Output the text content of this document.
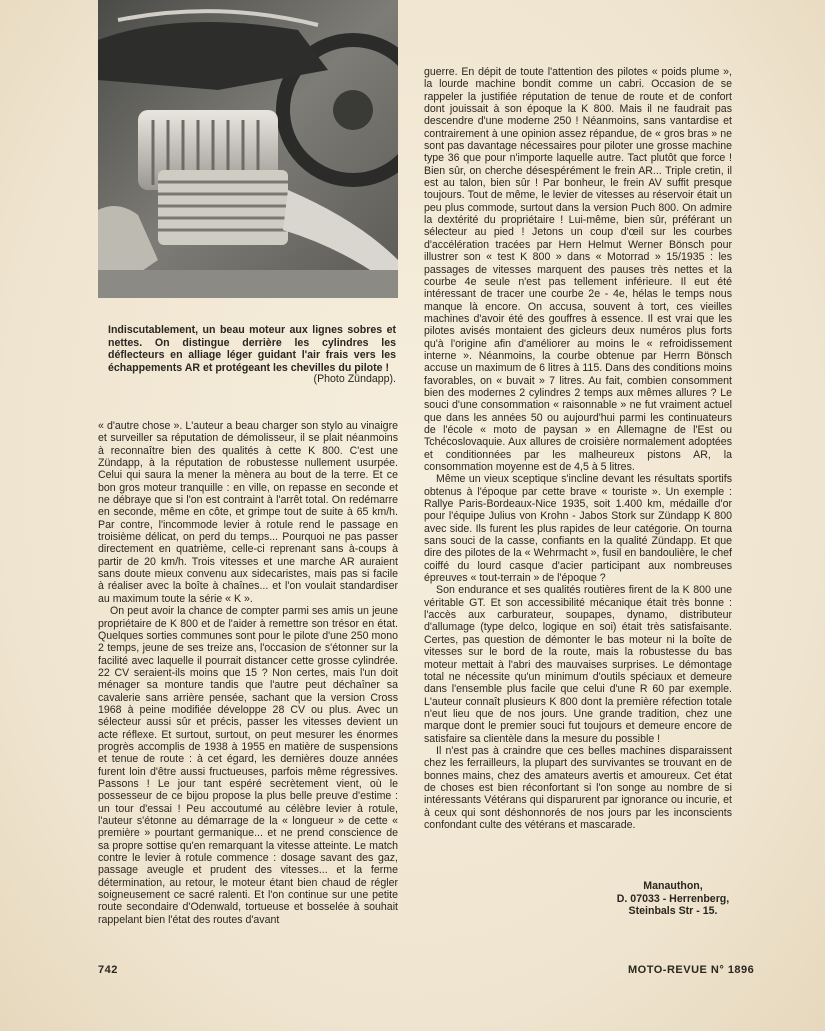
Indiscutablement, un beau moteur aux lignes sobres et nettes. On distingue derrière les cylindres les déflecteurs en alliage léger guidant l'air frais vers les échappements AR et protégeant les chevilles du pilote !
(Photo Zündapp).

« d'autre chose ». L'auteur a beau charger son stylo au vinaigre et surveiller sa réputation de démolisseur, il se plait néanmoins à reconnaître bien des qualités à cette K 800. C'est une Zündapp, à la réputation de robustesse nullement usurpée. Celui qui saura la mener la mènera au bout de la terre. Et ce bon gros moteur tranquille : en ville, on repasse en seconde et ne débraye que si l'on est contraint à l'arrêt total. On redémarre en seconde, même en côte, et grimpe tout de suite à 65 km/h. Par contre, l'incommode levier à rotule rend le passage en troisième délicat, on perd du temps... Pourquoi ne pas passer directement en quatrième, celle-ci reprenant sans à-coups à partir de 20 km/h. Trois vitesses et une marche AR auraient sans doute mieux convenu aux sidecaristes, mais pas si facile à réaliser avec la boîte à chaînes... et l'on voulait standardiser au maximum toute la série « K ».

On peut avoir la chance de compter parmi ses amis un jeune propriétaire de K 800 et de l'aider à remettre son trésor en état. Quelques sorties communes sont pour le pilote d'une 250 mono 2 temps, jeune de ses treize ans, l'occasion de s'étonner sur la facilité avec laquelle il pourrait distancer cette grosse cylindrée. 22 CV seraient-ils moins que 15 ? Non certes, mais l'un doit ménager sa monture tandis que l'autre peut déchaîner sa cavalerie sans arrière pensée, sachant que la version Cross 1968 à peine modifiée développe 28 CV ou plus. Avec un sélecteur aussi sûr et précis, passer les vitesses devient un acte réflexe. Et surtout, surtout, on peut mesurer les énormes progrès accomplis de 1938 à 1955 en matière de suspensions et tenue de route : à cet égard, les dernières douze années furent loin d'être aussi fructueuses, parfois même régressives. Passons ! Le jour tant espéré secrètement vient, où le possesseur de ce bijou propose la plus belle preuve d'estime : un tour d'essai ! Peu accoutumé au célèbre levier à rotule, l'auteur s'étonne au démarrage de la « longueur » de cette « première » pourtant germanique... et ne prend conscience de sa propre sottise qu'en remarquant la vitesse atteinte. Le match contre le levier à rotule commence : dosage savant des gaz, passage aveugle et prudent des vitesses... et la ferme détermination, au retour, le moteur étant bien chaud de régler soigneusement ce sacré ralenti. Et l'on continue sur une petite route secondaire d'Odenwald, tortueuse et bosselée à souhait rappelant bien l'état des routes d'avant

guerre. En dépit de toute l'attention des pilotes « poids plume », la lourde machine bondit comme un cabri. Occasion de se rappeler la justifiée réputation de tenue de route et de confort dont jouissait à son époque la K 800. Mais il ne faudrait pas descendre d'une moderne 250 ! Néanmoins, sans vantardise et contrairement à une opinion assez répandue, de « gros bras » ne sont pas davantage nécessaires pour piloter une grosse machine type 36 que pour n'importe laquelle autre. Tact plutôt que force ! Bien sûr, on cherche désespérément le frein AR... Triple cretin, il est au talon, bien sûr ! Par bonheur, le frein AV suffit presque toujours. Tout de même, le levier de vitesses au réservoir était un peu plus commode, surtout dans la version Puch 800. On admire la dextérité du propriétaire ! Lui-même, bien sûr, préférant un sélecteur au pied ! Jetons un coup d'œil sur les courbes d'accélération tracées par Hern Helmut Werner Bönsch pour illustrer son « test K 800 » dans « Motorrad » 15/1935 : les passages de vitesses marquent des pauses très nettes et la courbe 4e seule n'est pas tellement inférieure. Il eut été intéressant de tracer une courbe 2e - 4e, hélas le temps nous manque là encore. On accusa, souvent à tort, ces vieilles machines d'avoir été des gouffres à essence. Il est vrai que les pilotes avisés montaient des gicleurs deux numéros plus forts qu'à l'origine afin d'améliorer au moins le « refroidissement interne ». Néanmoins, la courbe obtenue par Herrn Bönsch accuse un maximum de 6 litres à 115. Dans des conditions moins favorables, on « buvait » 7 litres. Au fait, combien consomment bien des modernes 2 cylindres 2 temps aux mêmes allures ? Le souci d'une consommation « raisonnable » ne fut vraiment actuel que dans les années 50 ou aujourd'hui parmi les continuateurs de l'école « moto de paysan » en Allemagne de l'Est ou Tchécoslovaquie. Aux allures de croisière normalement adoptées et conditionnées par les malheureux pistons AR, la consommation moyenne est de 4,5 à 5 litres.

Même un vieux sceptique s'incline devant les résultats sportifs obtenus à l'époque par cette brave « touriste ». Un exemple : Rallye Paris-Bordeaux-Nice 1935, soit 1.400 km, médaille d'or pour l'équipe Julius von Krohn - Jabos Stork sur Zündapp K 800 avec side. Ils furent les plus rapides de leur catégorie. On tourna sans souci de la casse, confiants en la qualité Zündapp. Et que dire des pilotes de la « Wehrmacht », fusil en bandoulière, le chef coiffé du lourd casque d'acier participant aux nombreuses épreuves « tout-terrain » de l'époque ?

Son endurance et ses qualités routières firent de la K 800 une véritable GT. Et son accessibilité mécanique était très bonne : l'accès aux carburateur, soupapes, dynamo, distributeur d'allumage (type delco, logique en soi) était très satisfaisante. Certes, pas question de démonter le bas moteur ni la boîte de vitesses sur le bord de la route, mais la robustesse du bas moteur mettait à l'abri des mauvaises surprises. Le démontage total ne nécessite qu'un minimum d'outils spéciaux et demeure dans l'ensemble plus facile que celui d'une R 60 par exemple. L'auteur connaît plusieurs K 800 dont la première réfection totale n'eut lieu que de nos jours. Une grande tradition, chez une marque dont le premier souci fut toujours et demeure encore de satisfaire sa clientèle dans la mesure du possible !

Il n'est pas à craindre que ces belles machines disparaissent chez les ferrailleurs, la plupart des survivantes se trouvant en de bonnes mains, chez des amateurs avertis et amoureux. Cet état de choses est bien réconfortant si l'on songe au nombre de si intéressants Vétérans qui disparurent par ignorance ou incurie, et à ceux qui sont déshonnorés de nos jours par les inconscients confondant culte des vétérans et mascarade.

Manauthon,
D. 07033 - Herrenberg,
Steinbals Str - 15.
742	MOTO-REVUE N° 1896
